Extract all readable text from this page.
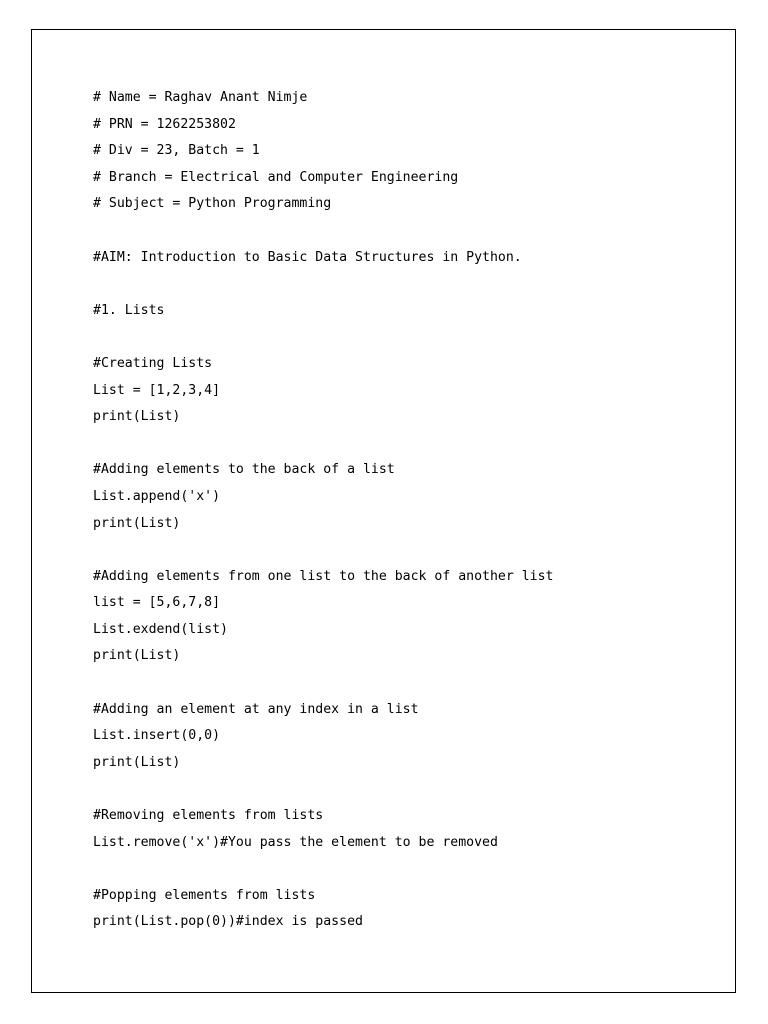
# Name = Raghav Anant Nimje
# PRN = 1262253802
# Div = 23, Batch = 1
# Branch = Electrical and Computer Engineering
# Subject = Python Programming
#AIM: Introduction to Basic Data Structures in Python.
#1. Lists
#Creating Lists
List = [1,2,3,4]
print(List)
#Adding elements to the back of a list
List.append('x')
print(List)
#Adding elements from one list to the back of another list
list = [5,6,7,8]
List.exdend(list)
print(List)
#Adding an element at any index in a list
List.insert(0,0)
print(List)
#Removing elements from lists
List.remove('x')#You pass the element to be removed
#Popping elements from lists
print(List.pop(0))#index is passed
